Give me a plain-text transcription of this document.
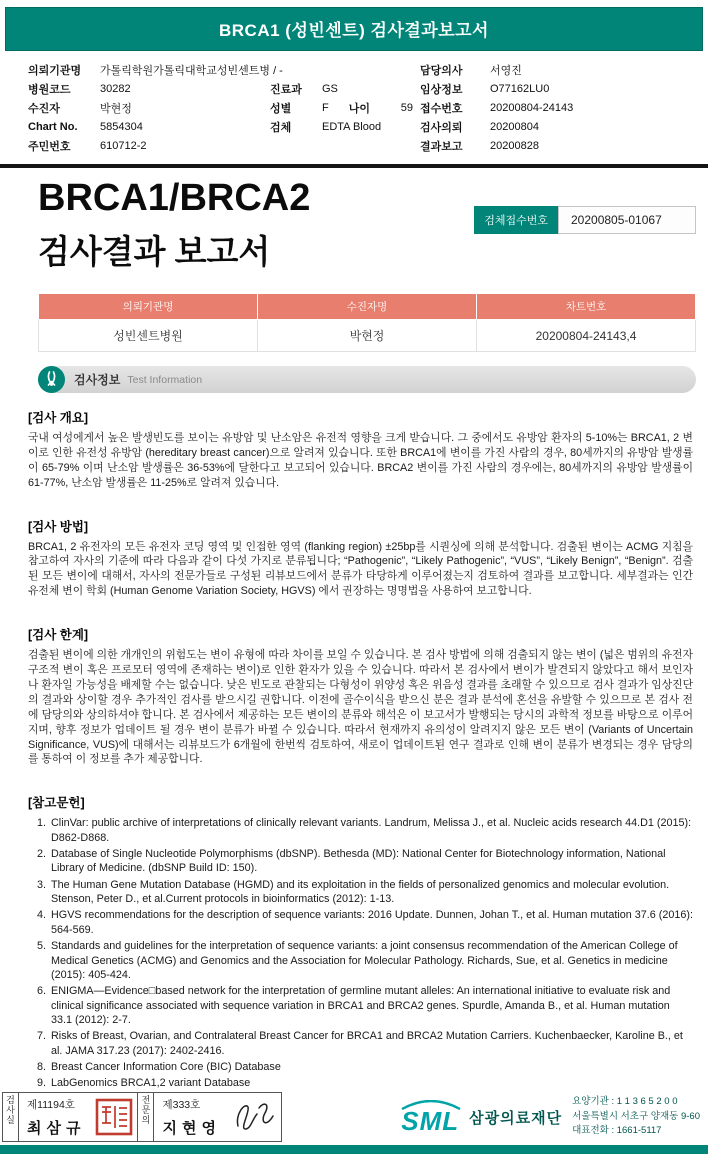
BRCA1 (성빈센트) 검사결과보고서
의뢰기관명	가톨릭학원가톨릭대학교성빈센트병 / -
병원코드	30282
수진자	박현정
Chart No.	5854304
주민번호	610712-2
진료과	GS
성별	F 나이	59
검체	EDTA Blood
담당의사	서영진
임상정보	O77162LU0
접수번호	20200804-24143
검사의뢰	20200804
결과보고	20200828
BRCA1/BRCA2
검사결과 보고서
검체접수번호	20200805-01067
의뢰기관명	수진자명	차트번호
성빈센트병원	박현정	20200804-24143,4
검사정보 Test Information
[검사 개요]

국내 여성에게서 높은 발생빈도를 보이는 유방암 및 난소암은 유전적 영향을 크게 받습니다. 그 중에서도 유방암 환자의 5-10%는 BRCA1, 2 변이로 인한 유전성 유방암 (hereditary breast cancer)으로 알려져 있습니다. 또한 BRCA1에 변이를 가진 사람의 경우, 80세까지의 유방암 발생률이 65-79% 이며 난소암 발생률은 36-53%에 달한다고 보고되어 있습니다. BRCA2 변이를 가진 사람의 경우에는, 80세까지의 유방암 발생률이 61-77%, 난소암 발생률은 11-25%로 알려져 있습니다.

[검사 방법]

BRCA1, 2 유전자의 모든 유전자 코딩 영역 및 인접한 영역 (flanking region) ±25bp를 시퀀싱에 의해 분석합니다. 검출된 변이는 ACMG 지침을 참고하여 자사의 기준에 따라 다음과 같이 다섯 가지로 분류됩니다; “Pathogenic”, “Likely Pathogenic”, “VUS”, “Likely Benign”, “Benign”. 검출된 모든 변이에 대해서, 자사의 전문가들로 구성된 리뷰보드에서 분류가 타당하게 이루어졌는지 검토하여 결과를 보고합니다. 세부결과는 인간 유전체 변이 학회 (Human Genome Variation Society, HGVS) 에서 권장하는 명명법을 사용하여 보고합니다.

[검사 한계]

검출된 변이에 의한 개개인의 위험도는 변이 유형에 따라 차이를 보일 수 있습니다. 본 검사 방법에 의해 검출되지 않는 변이 (넓은 범위의 유전자 구조적 변이 혹은 프로모터 영역에 존재하는 변이)로 인한 환자가 있을 수 있습니다. 따라서 본 검사에서 변이가 발견되지 않았다고 해서 보인자나 환자일 가능성을 배제할 수는 없습니다. 낮은 빈도로 관찰되는 다형성이 위양성 혹은 위음성 결과를 초래할 수 있으므로 검사 결과가 임상진단의 결과와 상이할 경우 추가적인 검사를 받으시길 권합니다. 이전에 골수이식을 받으신 분은 결과 분석에 혼선을 유발할 수 있으므로 본 검사 전에 담당의와 상의하셔야 합니다. 본 검사에서 제공하는 모든 변이의 분류와 해석은 이 보고서가 발행되는 당시의 과학적 정보를 바탕으로 이루어지며, 향후 정보가 업데이트 될 경우 변이 분류가 바뀔 수 있습니다. 따라서 현재까지 유의성이 알려지지 않은 모든 변이 (Variants of Uncertain Significance, VUS)에 대해서는 리뷰보드가 6개월에 한번씩 검토하여, 새로이 업데이트된 연구 결과로 인해 변이 분류가 변경되는 경우 담당의를 통하여 이 정보를 추가 제공합니다.

[참고문헌]
1. ClinVar: public archive of interpretations of clinically relevant variants. Landrum, Melissa J., et al. Nucleic acids research 44.D1 (2015): D862-D868.
2. Database of Single Nucleotide Polymorphisms (dbSNP). Bethesda (MD): National Center for Biotechnology information, National Library of Medicine. (dbSNP Build ID: 150).
3. The Human Gene Mutation Database (HGMD) and its exploitation in the fields of personalized genomics and molecular evolution. Stenson, Peter D., et al.Current protocols in bioinformatics (2012): 1-13.
4. HGVS recommendations for the description of sequence variants: 2016 Update. Dunnen, Johan T., et al. Human mutation 37.6 (2016): 564-569.
5. Standards and guidelines for the interpretation of sequence variants: a joint consensus recommendation of the American College of Medical Genetics (ACMG) and Genomics and the Association for Molecular Pathology. Richards, Sue, et al. Genetics in medicine (2015): 405-424.
6. ENIGMA—Evidence□based network for the interpretation of germline mutant alleles: An international initiative to evaluate risk and clinical significance associated with sequence variation in BRCA1 and BRCA2 genes. Spurdle, Amanda B., et al. Human mutation 33.1 (2012): 2-7.
7. Risks of Breast, Ovarian, and Contralateral Breast Cancer for BRCA1 and BRCA2 Mutation Carriers. Kuchenbaecker, Karoline B., et al. JAMA 317.23 (2017): 2402-2416.
8. Breast Cancer Information Core (BIC) Database
9. LabGenomics BRCA1,2 variant Database
검사실	제11194호
최삼규
전문의	제333호
지현영	SML 삼광의료재단
요양기관 : 1 1 3 6 5 2 0 0
서울특별시 서초구 양재동 9-60
대표전화 : 1661-5117
